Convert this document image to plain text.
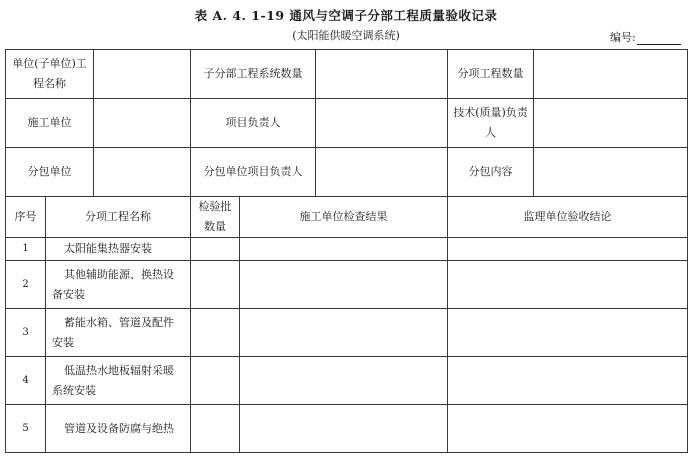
表 A. 4. 1-19 通风与空调子分部工程质量验收记录
(太阳能供暖空调系统)	编号:
单位(子单位)工程名称			子分部工程系统数量			分项工程数量	
施工单位			项目负责人			技术(质量)负责人	
分包单位			分包单位项目负责人			分包内容	
序号	分项工程名称		检验批数量	施工单位检查结果		监理单位验收结论	
1	太阳能集热器安装						
2	其他辅助能源、换热设备安装						
3	蓄能水箱、管道及配件安装						
4	低温热水地板辐射采暖系统安装						
5	管道及设备防腐与绝热						
